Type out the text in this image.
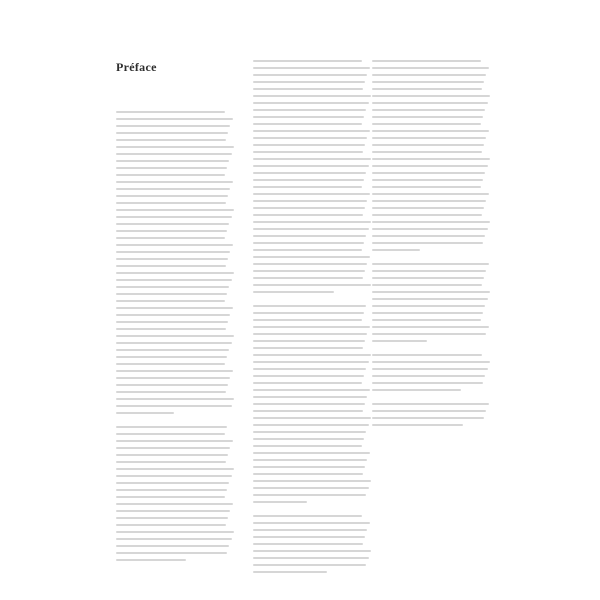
Préface
